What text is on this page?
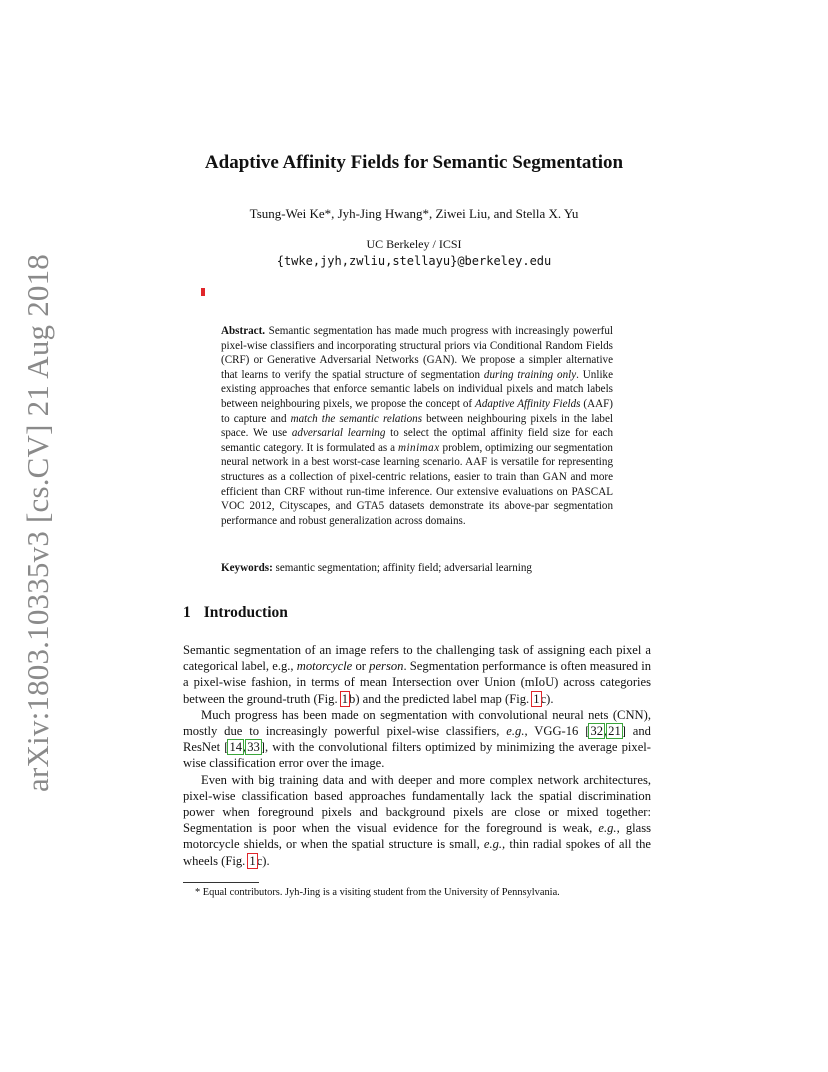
arXiv:1803.10335v3 [cs.CV] 21 Aug 2018
Adaptive Affinity Fields for Semantic Segmentation
Tsung-Wei Ke*, Jyh-Jing Hwang*, Ziwei Liu, and Stella X. Yu
UC Berkeley / ICSI
{twke,jyh,zwliu,stellayu}@berkeley.edu

Abstract. Semantic segmentation has made much progress with increasingly powerful pixel-wise classifiers and incorporating structural priors via Conditional Random Fields (CRF) or Generative Adversarial Networks (GAN). We propose a simpler alternative that learns to verify the spatial structure of segmentation during training only. Unlike existing approaches that enforce semantic labels on individual pixels and match labels between neighbouring pixels, we propose the concept of Adaptive Affinity Fields (AAF) to capture and match the semantic relations between neighbouring pixels in the label space. We use adversarial learning to select the optimal affinity field size for each semantic category. It is formulated as a minimax problem, optimizing our segmentation neural network in a best worst-case learning scenario. AAF is versatile for representing structures as a collection of pixel-centric relations, easier to train than GAN and more efficient than CRF without run-time inference. Our extensive evaluations on PASCAL VOC 2012, Cityscapes, and GTA5 datasets demonstrate its above-par segmentation performance and robust generalization across domains.

Keywords: semantic segmentation; affinity field; adversarial learning
1 Introduction

Semantic segmentation of an image refers to the challenging task of assigning each pixel a categorical label, e.g., motorcycle or person. Segmentation performance is often measured in a pixel-wise fashion, in terms of mean Intersection over Union (mIoU) across categories between the ground-truth (Fig. 1b) and the predicted label map (Fig. 1c).

Much progress has been made on segmentation with convolutional neural nets (CNN), mostly due to increasingly powerful pixel-wise classifiers, e.g., VGG-16 [32,21] and ResNet [14,33], with the convolutional filters optimized by minimizing the average pixel-wise classification error over the image.

Even with big training data and with deeper and more complex network architectures, pixel-wise classification based approaches fundamentally lack the spatial discrimination power when foreground pixels and background pixels are close or mixed together: Segmentation is poor when the visual evidence for the foreground is weak, e.g., glass motorcycle shields, or when the spatial structure is small, e.g., thin radial spokes of all the wheels (Fig. 1c).

* Equal contributors. Jyh-Jing is a visiting student from the University of Pennsylvania.
